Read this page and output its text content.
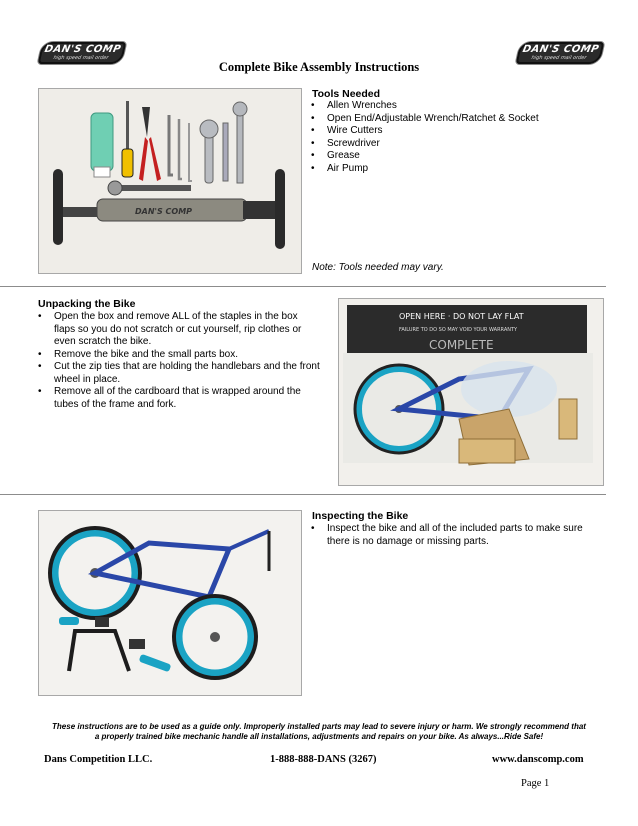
DAN'S COMP
high speed mail order
DAN'S COMP
high speed mail order
Complete Bike Assembly Instructions
DAN'S COMP
Tools Needed
• Allen Wrenches
• Open End/Adjustable Wrench/Ratchet & Socket
• Wire Cutters
• Screwdriver
• Grease
• Air Pump
Note: Tools needed may vary.
Unpacking the Bike
• Open the box and remove ALL of the staples in the box flaps so you do not scratch or cut yourself, rip clothes or even scratch the bike.
• Remove the bike and the small parts box.
• Cut the zip ties that are holding the handlebars and the front wheel in place.
• Remove all of the cardboard that is wrapped around the tubes of the frame and fork.
OPEN HERE · DO NOT LAY FLAT
FAILURE TO DO SO MAY VOID YOUR WARRANTY
COMPLETE
Inspecting the Bike
• Inspect the bike and all of the included parts to make sure there is no damage or missing parts.
These instructions are to be used as a guide only. Improperly installed parts may lead to severe injury or harm. We strongly recommend that
a properly trained bike mechanic handle all installations, adjustments and repairs on your bike. As always...Ride Safe!
Dans Competition LLC.	1-888-888-DANS (3267)	www.danscomp.com
Page 1
